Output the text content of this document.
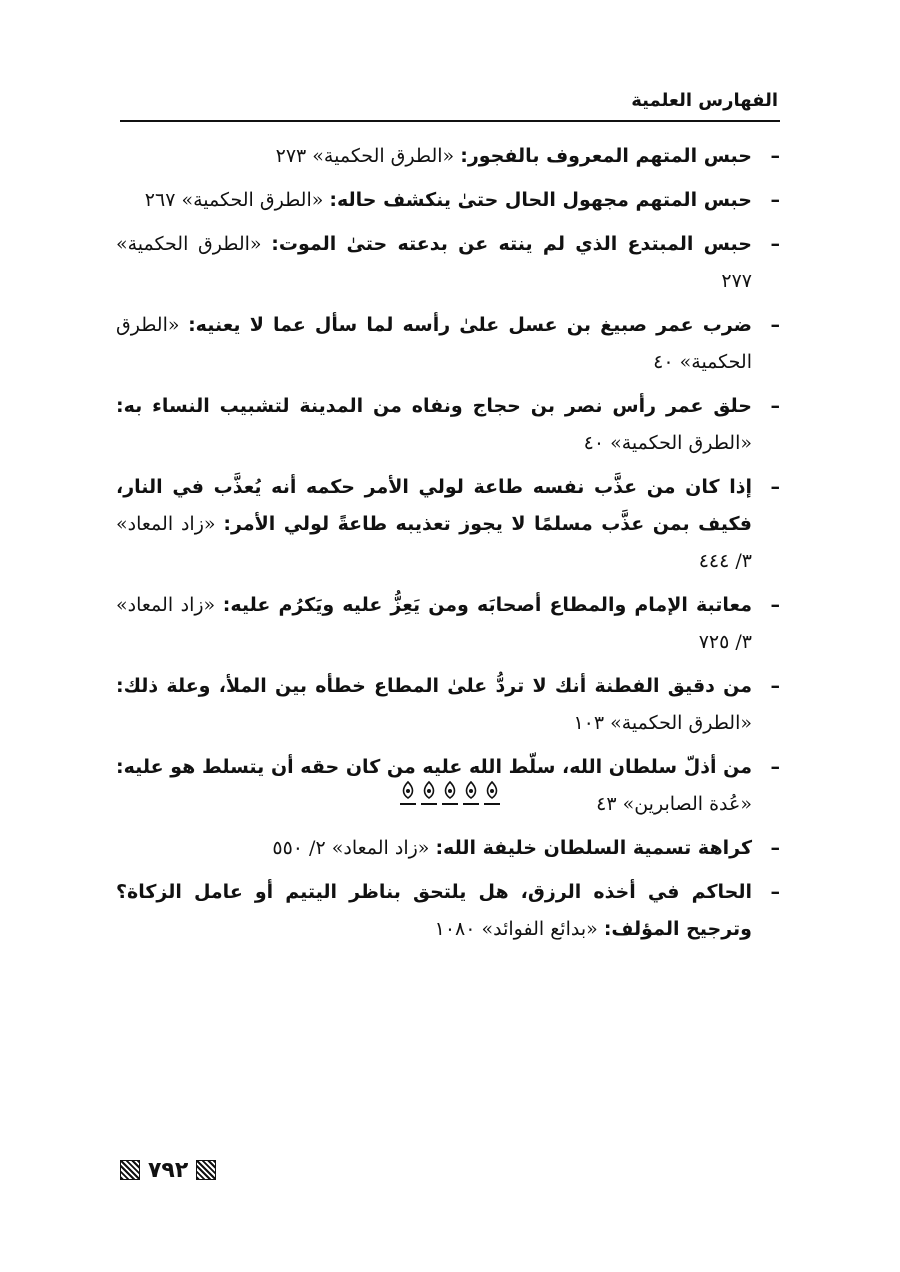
الفهارس العلمية
–
حبس المتهم المعروف بالفجور: «الطرق الحكمية» ٢٧٣
–
حبس المتهم مجهول الحال حتىٰ ينكشف حاله: «الطرق الحكمية» ٢٦٧
–
حبس المبتدع الذي لم ينته عن بدعته حتىٰ الموت: «الطرق الحكمية» ٢٧٧
–
ضرب عمر صبيغ بن عسل علىٰ رأسه لما سأل عما لا يعنيه: «الطرق الحكمية» ٤٠
–
حلق عمر رأس نصر بن حجاج ونفاه من المدينة لتشبيب النساء به: «الطرق الحكمية» ٤٠
–
إذا كان من عذَّب نفسه طاعة لولي الأمر حكمه أنه يُعذَّب في النار، فكيف بمن عذَّب مسلمًا لا يجوز تعذيبه طاعةً لولي الأمر: «زاد المعاد» ٣/ ٤٤٤
–
معاتبة الإمام والمطاع أصحابَه ومن يَعِزُّ عليه ويَكرُم عليه: «زاد المعاد» ٣/ ٧٢٥
–
من دقيق الفطنة أنك لا تردُّ علىٰ المطاع خطأه بين الملأ، وعلة ذلك: «الطرق الحكمية» ١٠٣
–
من أذلّ سلطان الله، سلّط الله عليه من كان حقه أن يتسلط هو عليه: «عُدة الصابرين» ٤٣
–
كراهة تسمية السلطان خليفة الله: «زاد المعاد» ٢/ ٥٥٠
–
الحاكم في أخذه الرزق، هل يلتحق بناظر اليتيم أو عامل الزكاة؟ وترجيح المؤلف: «بدائع الفوائد» ١٠٨٠
٧٩٢
